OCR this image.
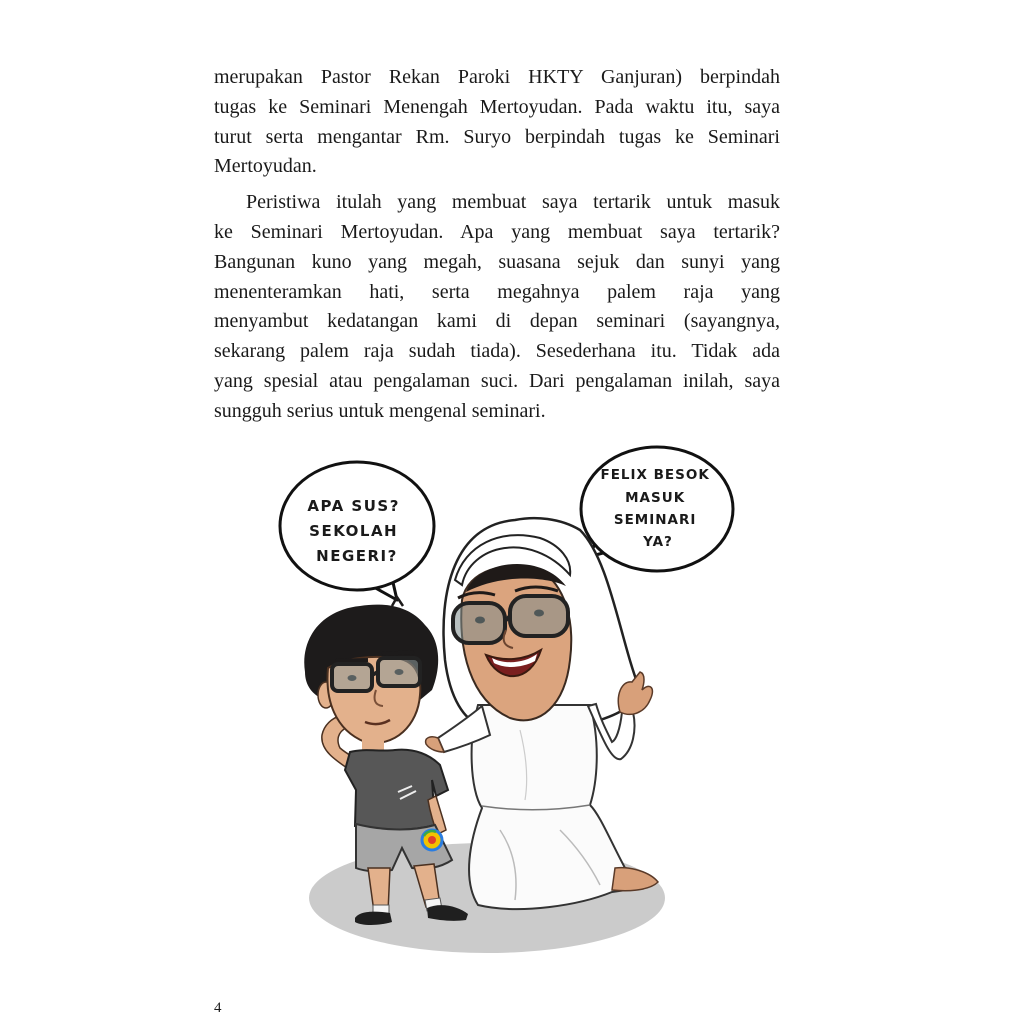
merupakan Pastor Rekan Paroki HKTY Ganjuran) berpindah
tugas ke Seminari Menengah Mertoyudan. Pada waktu itu, saya
turut serta mengantar Rm. Suryo berpindah tugas ke Seminari
Mertoyudan.
Peristiwa itulah yang membuat saya tertarik untuk masuk
ke Seminari Mertoyudan. Apa yang membuat saya tertarik?
Bangunan kuno yang megah, suasana sejuk dan sunyi yang
menenteramkan hati, serta megahnya palem raja yang
menyambut kedatangan kami di depan seminari (sayangnya,
sekarang palem raja sudah tiada). Sesederhana itu. Tidak ada
yang spesial atau pengalaman suci. Dari pengalaman inilah, saya
sungguh serius untuk mengenal seminari.
APA SUS? SEKOLAH NEGERI?
FELIX BESOK MASUK SEMINARI YA?
4
